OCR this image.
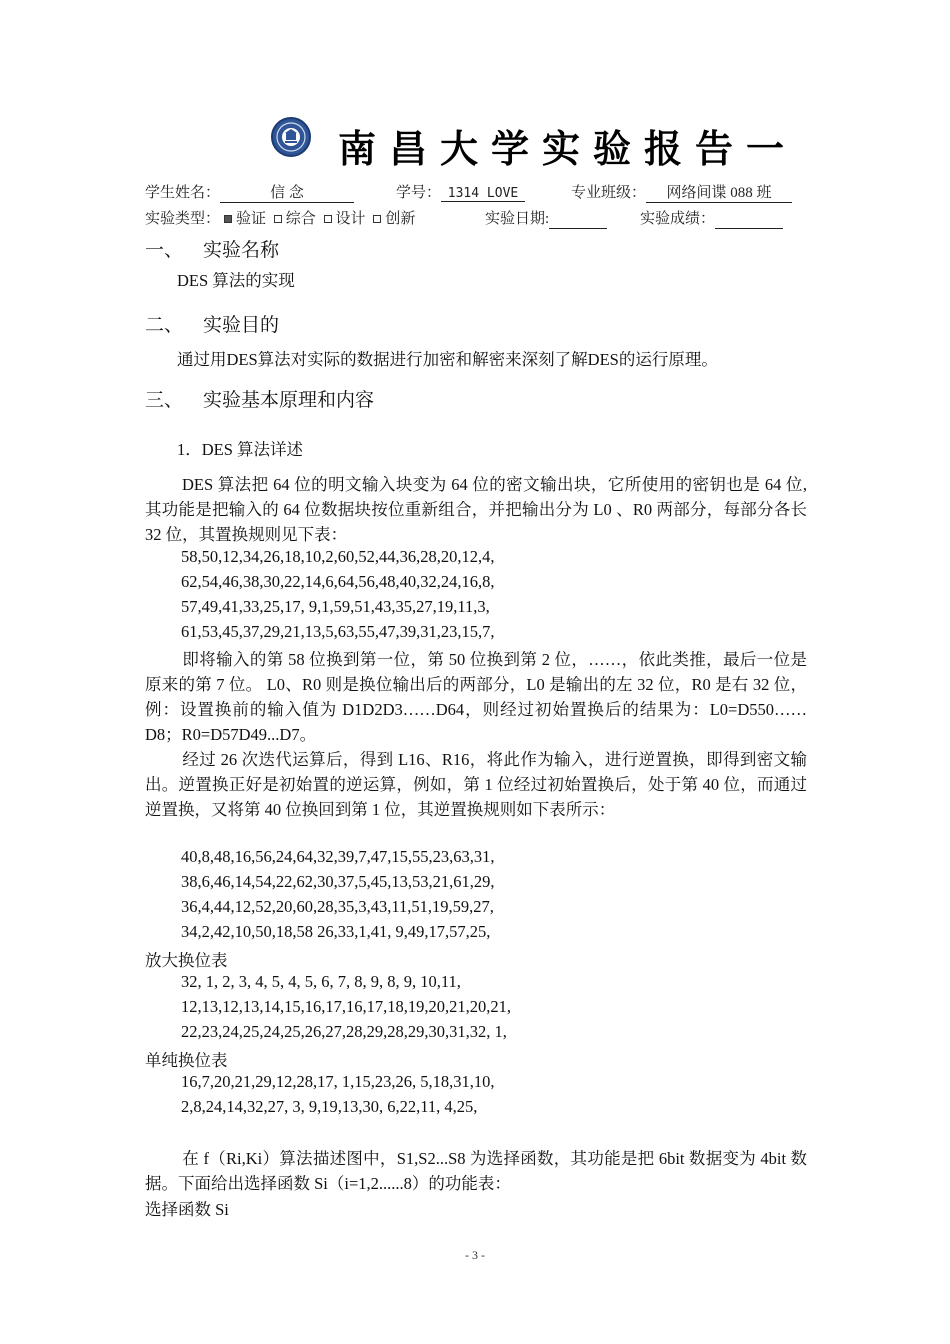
南昌大学实验报告一
学生姓名：	信 念	学号： 1314 LOVE	专业班级： 网络间谍 088 班
实验类型： 验证 综合 设计 创新	实验日期:	实验成绩：
一、 实验名称
DES 算法的实现
二、 实验目的
通过用DES算法对实际的数据进行加密和解密来深刻了解DES的运行原理。
三、 实验基本原理和内容
1．DES 算法详述
DES 算法把 64 位的明文输入块变为 64 位的密文输出块，它所使用的密钥也是 64 位,其功能是把输入的 64 位数据块按位重新组合，并把输出分为 L0 、R0 两部分，每部分各长 32 位，其置换规则见下表：
58,50,12,34,26,18,10,2,60,52,44,36,28,20,12,4,
62,54,46,38,30,22,14,6,64,56,48,40,32,24,16,8,
57,49,41,33,25,17, 9,1,59,51,43,35,27,19,11,3,
61,53,45,37,29,21,13,5,63,55,47,39,31,23,15,7,
即将输入的第 58 位换到第一位，第 50 位换到第 2 位，……，依此类推，最后一位是原来的第 7 位。 L0、R0 则是换位输出后的两部分，L0 是输出的左 32 位，R0 是右 32 位，例：设置换前的输入值为 D1D2D3……D64，则经过初始置换后的结果为：L0=D550……D8；R0=D57D49...D7。
经过 26 次迭代运算后，得到 L16、R16，将此作为输入，进行逆置换，即得到密文输出。逆置换正好是初始置的逆运算，例如，第 1 位经过初始置换后，处于第 40 位，而通过逆置换，又将第 40 位换回到第 1 位，其逆置换规则如下表所示：
40,8,48,16,56,24,64,32,39,7,47,15,55,23,63,31,
38,6,46,14,54,22,62,30,37,5,45,13,53,21,61,29,
36,4,44,12,52,20,60,28,35,3,43,11,51,19,59,27,
34,2,42,10,50,18,58 26,33,1,41, 9,49,17,57,25,
放大换位表
32, 1, 2, 3, 4, 5, 4, 5, 6, 7, 8, 9, 8, 9, 10,11,
12,13,12,13,14,15,16,17,16,17,18,19,20,21,20,21,
22,23,24,25,24,25,26,27,28,29,28,29,30,31,32, 1,
单纯换位表
16,7,20,21,29,12,28,17, 1,15,23,26, 5,18,31,10,
2,8,24,14,32,27, 3, 9,19,13,30, 6,22,11, 4,25,
在 f（Ri,Ki）算法描述图中，S1,S2...S8 为选择函数，其功能是把 6bit 数据变为 4bit 数据。下面给出选择函数 Si（i=1,2......8）的功能表：
选择函数 Si
- 3 -
